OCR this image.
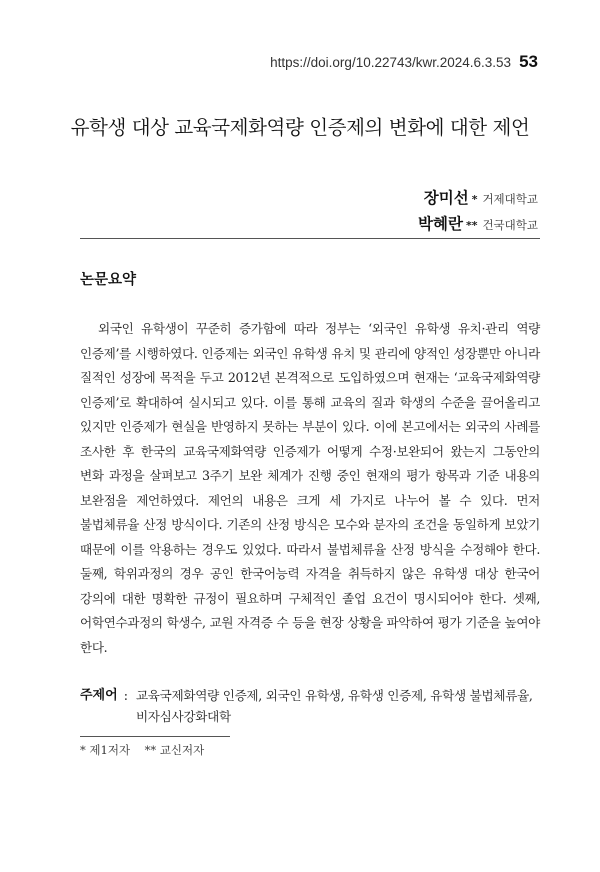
https://doi.org/10.22743/kwr.2024.6.3.53 53
유학생 대상 교육국제화역량 인증제의 변화에 대한 제언
장미선 * 거제대학교
박혜란 ** 건국대학교
논문요약

외국인 유학생이 꾸준히 증가함에 따라 정부는 ‘외국인 유학생 유치·관리 역량 인증제’를 시행하였다. 인증제는 외국인 유학생 유치 및 관리에 양적인 성장뿐만 아니라 질적인 성장에 목적을 두고 2012년 본격적으로 도입하였으며 현재는 ‘교육국제화역량 인증제’로 확대하여 실시되고 있다. 이를 통해 교육의 질과 학생의 수준을 끌어올리고 있지만 인증제가 현실을 반영하지 못하는 부분이 있다. 이에 본고에서는 외국의 사례를 조사한 후 한국의 교육국제화역량 인증제가 어떻게 수정·보완되어 왔는지 그동안의 변화 과정을 살펴보고 3주기 보완 체계가 진행 중인 현재의 평가 항목과 기준 내용의 보완점을 제언하였다. 제언의 내용은 크게 세 가지로 나누어 볼 수 있다. 먼저 불법체류율 산정 방식이다. 기존의 산정 방식은 모수와 분자의 조건을 동일하게 보았기 때문에 이를 악용하는 경우도 있었다. 따라서 불법체류율 산정 방식을 수정해야 한다. 둘째, 학위과정의 경우 공인 한국어능력 자격을 취득하지 않은 유학생 대상 한국어 강의에 대한 명확한 규정이 필요하며 구체적인 졸업 요건이 명시되어야 한다. 셋째, 어학연수과정의 학생수, 교원 자격증 수 등을 현장 상황을 파악하여 평가 기준을 높여야 한다.

주제어 : 교육국제화역량 인증제, 외국인 유학생, 유학생 인증제, 유학생 불법체류율, 비자심사강화대학
* 제1저자    ** 교신저자
